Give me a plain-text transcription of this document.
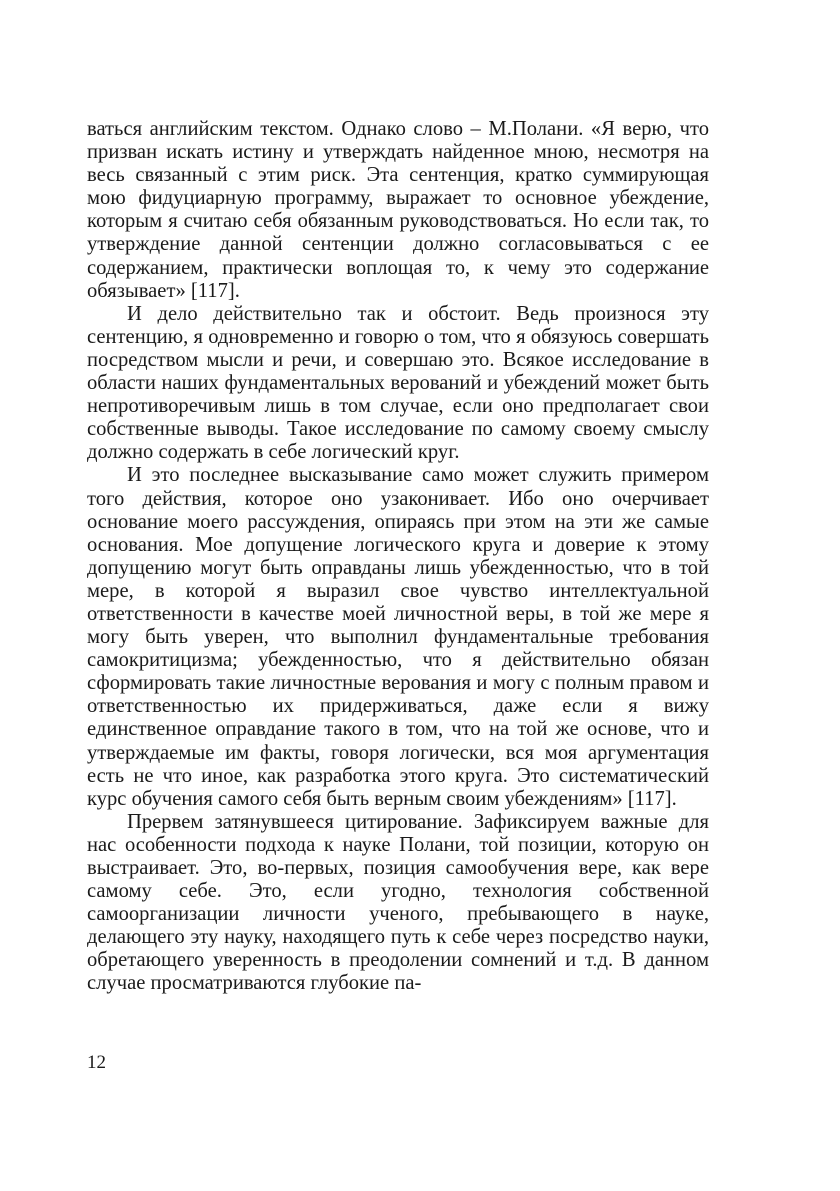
ваться английским текстом. Однако слово – М.Полани. «Я верю, что призван искать истину и утверждать найденное мною, несмотря на весь связанный с этим риск. Эта сентенция, кратко суммирующая мою фидуциарную программу, выражает то основное убеждение, которым я считаю себя обязанным руководствоваться. Но если так, то утверждение данной сентенции должно согласовываться с ее содержанием, практически воплощая то, к чему это содержание обязывает» [117].

И дело действительно так и обстоит. Ведь произнося эту сентенцию, я одновременно и говорю о том, что я обязуюсь совершать посредством мысли и речи, и совершаю это. Всякое исследование в области наших фундаментальных верований и убеждений может быть непротиворечивым лишь в том случае, если оно предполагает свои собственные выводы. Такое исследование по самому своему смыслу должно содержать в себе логический круг.

И это последнее высказывание само может служить примером того действия, которое оно узаконивает. Ибо оно очерчивает основание моего рассуждения, опираясь при этом на эти же самые основания. Мое допущение логического круга и доверие к этому допущению могут быть оправданы лишь убежденностью, что в той мере, в которой я выразил свое чувство интеллектуальной ответственности в качестве моей личностной веры, в той же мере я могу быть уверен, что выполнил фундаментальные требования самокритицизма; убежденностью, что я действительно обязан сформировать такие личностные верования и могу с полным правом и ответственностью их придерживаться, даже если я вижу единственное оправдание такого в том, что на той же основе, что и утверждаемые им факты, говоря логически, вся моя аргументация есть не что иное, как разработка этого круга. Это систематический курс обучения самого себя быть верным своим убеждениям» [117].

Прервем затянувшееся цитирование. Зафиксируем важные для нас особенности подхода к науке Полани, той позиции, которую он выстраивает. Это, во-первых, позиция самообучения вере, как вере самому себе. Это, если угодно, технология собственной самоорганизации личности ученого, пребывающего в науке, делающего эту науку, находящего путь к себе через посредство науки, обретающего уверенность в преодолении сомнений и т.д. В данном случае просматриваются глубокие па-

12
